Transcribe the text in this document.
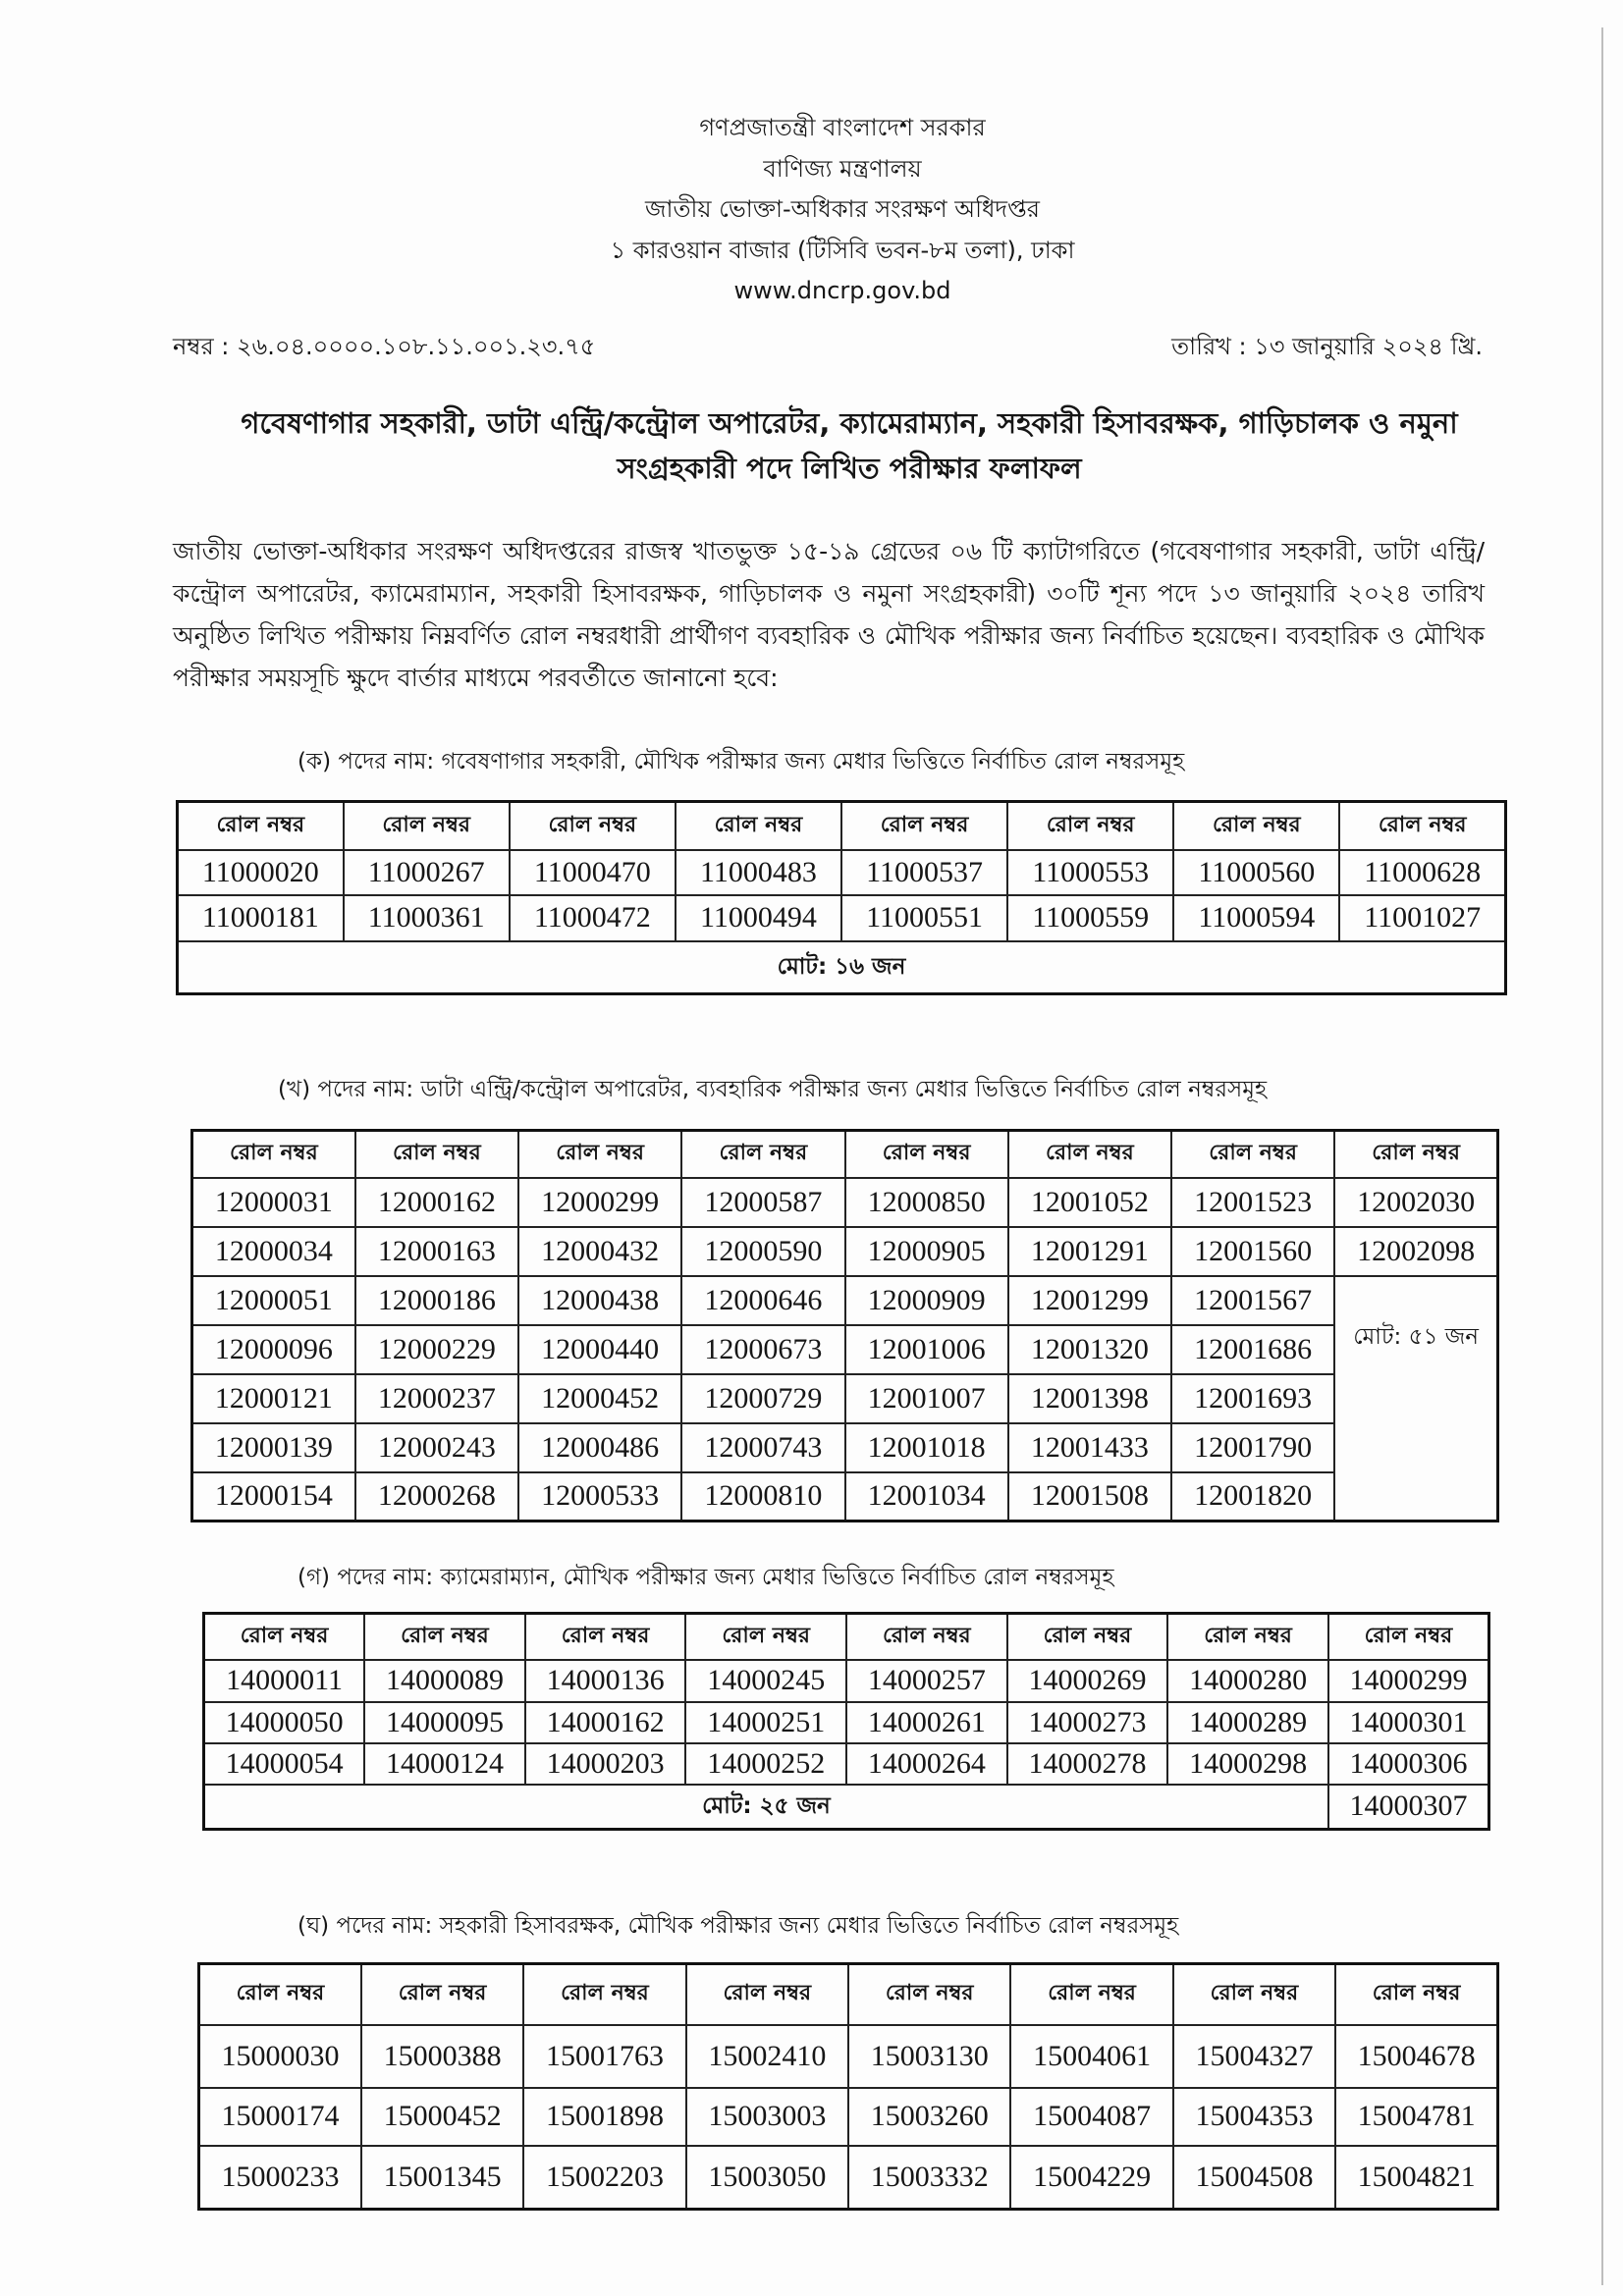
গণপ্রজাতন্ত্রী বাংলাদেশ সরকার
বাণিজ্য মন্ত্রণালয়
জাতীয় ভোক্তা-অধিকার সংরক্ষণ অধিদপ্তর
১ কারওয়ান বাজার (টিসিবি ভবন-৮ম তলা), ঢাকা
www.dncrp.gov.bd
নম্বর : ২৬.০৪.০০০০.১০৮.১১.০০১.২৩.৭৫	তারিখ : ১৩ জানুয়ারি ২০২৪ খ্রি.
গবেষণাগার সহকারী, ডাটা এন্ট্রি/কন্ট্রোল অপারেটর, ক্যামেরাম্যান, সহকারী হিসাবরক্ষক, গাড়িচালক ও নমুনা সংগ্রহকারী পদে লিখিত পরীক্ষার ফলাফল
জাতীয় ভোক্তা-অধিকার সংরক্ষণ অধিদপ্তরের রাজস্ব খাতভুক্ত ১৫-১৯ গ্রেডের ০৬ টি ক্যাটাগরিতে (গবেষণাগার সহকারী, ডাটা এন্ট্রি/কন্ট্রোল অপারেটর, ক্যামেরাম্যান, সহকারী হিসাবরক্ষক, গাড়িচালক ও নমুনা সংগ্রহকারী) ৩০টি শূন্য পদে ১৩ জানুয়ারি ২০২৪ তারিখ অনুষ্ঠিত লিখিত পরীক্ষায় নিম্নবর্ণিত রোল নম্বরধারী প্রার্থীগণ ব্যবহারিক ও মৌখিক পরীক্ষার জন্য নির্বাচিত হয়েছেন। ব্যবহারিক ও মৌখিক পরীক্ষার সময়সূচি ক্ষুদে বার্তার মাধ্যমে পরবর্তীতে জানানো হবে:
(ক) পদের নাম: গবেষণাগার সহকারী, মৌখিক পরীক্ষার জন্য মেধার ভিত্তিতে নির্বাচিত রোল নম্বরসমূহ
রোল নম্বর	রোল নম্বর	রোল নম্বর	রোল নম্বর	রোল নম্বর	রোল নম্বর	রোল নম্বর	রোল নম্বর
11000020	11000267	11000470	11000483	11000537	11000553	11000560	11000628
11000181	11000361	11000472	11000494	11000551	11000559	11000594	11001027
মোট: ১৬ জন							
(খ) পদের নাম: ডাটা এন্ট্রি/কন্ট্রোল অপারেটর, ব্যবহারিক পরীক্ষার জন্য মেধার ভিত্তিতে নির্বাচিত রোল নম্বরসমূহ
রোল নম্বর	রোল নম্বর	রোল নম্বর	রোল নম্বর	রোল নম্বর	রোল নম্বর	রোল নম্বর	রোল নম্বর
12000031	12000162	12000299	12000587	12000850	12001052	12001523	12002030
12000034	12000163	12000432	12000590	12000905	12001291	12001560	12002098
12000051	12000186	12000438	12000646	12000909	12001299	12001567	মোট: ৫১ জন
12000096	12000229	12000440	12000673	12001006	12001320	12001686	
12000121	12000237	12000452	12000729	12001007	12001398	12001693	
12000139	12000243	12000486	12000743	12001018	12001433	12001790	
12000154	12000268	12000533	12000810	12001034	12001508	12001820	
(গ) পদের নাম: ক্যামেরাম্যান, মৌখিক পরীক্ষার জন্য মেধার ভিত্তিতে নির্বাচিত রোল নম্বরসমূহ
রোল নম্বর	রোল নম্বর	রোল নম্বর	রোল নম্বর	রোল নম্বর	রোল নম্বর	রোল নম্বর	রোল নম্বর
14000011	14000089	14000136	14000245	14000257	14000269	14000280	14000299
14000050	14000095	14000162	14000251	14000261	14000273	14000289	14000301
14000054	14000124	14000203	14000252	14000264	14000278	14000298	14000306
মোট: ২৫ জন							14000307
(ঘ) পদের নাম: সহকারী হিসাবরক্ষক, মৌখিক পরীক্ষার জন্য মেধার ভিত্তিতে নির্বাচিত রোল নম্বরসমূহ
রোল নম্বর	রোল নম্বর	রোল নম্বর	রোল নম্বর	রোল নম্বর	রোল নম্বর	রোল নম্বর	রোল নম্বর
15000030	15000388	15001763	15002410	15003130	15004061	15004327	15004678
15000174	15000452	15001898	15003003	15003260	15004087	15004353	15004781
15000233	15001345	15002203	15003050	15003332	15004229	15004508	15004821
